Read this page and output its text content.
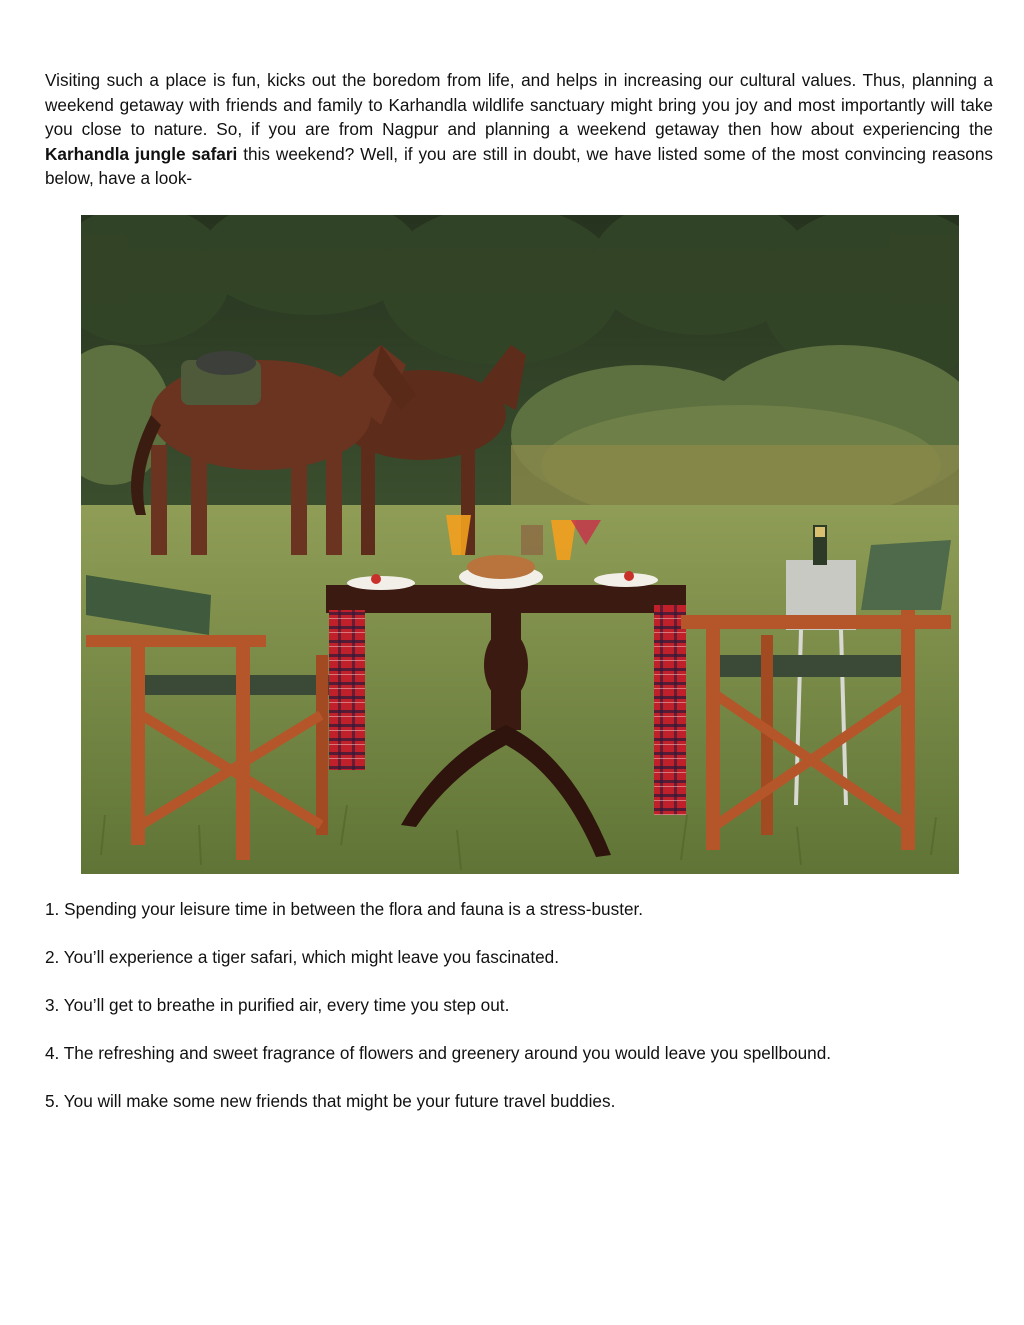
Visiting such a place is fun, kicks out the boredom from life, and helps in increasing our cultural values. Thus, planning a weekend getaway with friends and family to Karhandla wildlife sanctuary might bring you joy and most importantly will take you close to nature. So, if you are from Nagpur and planning a weekend getaway then how about experiencing the Karhandla jungle safari this weekend? Well, if you are still in doubt, we have listed some of the most convincing reasons below, have a look-

1. Spending your leisure time in between the flora and fauna is a stress-buster.
2. You’ll experience a tiger safari, which might leave you fascinated.
3. You’ll get to breathe in purified air, every time you step out.
4. The refreshing and sweet fragrance of flowers and greenery around you would leave you spellbound.
5. You will make some new friends that might be your future travel buddies.
